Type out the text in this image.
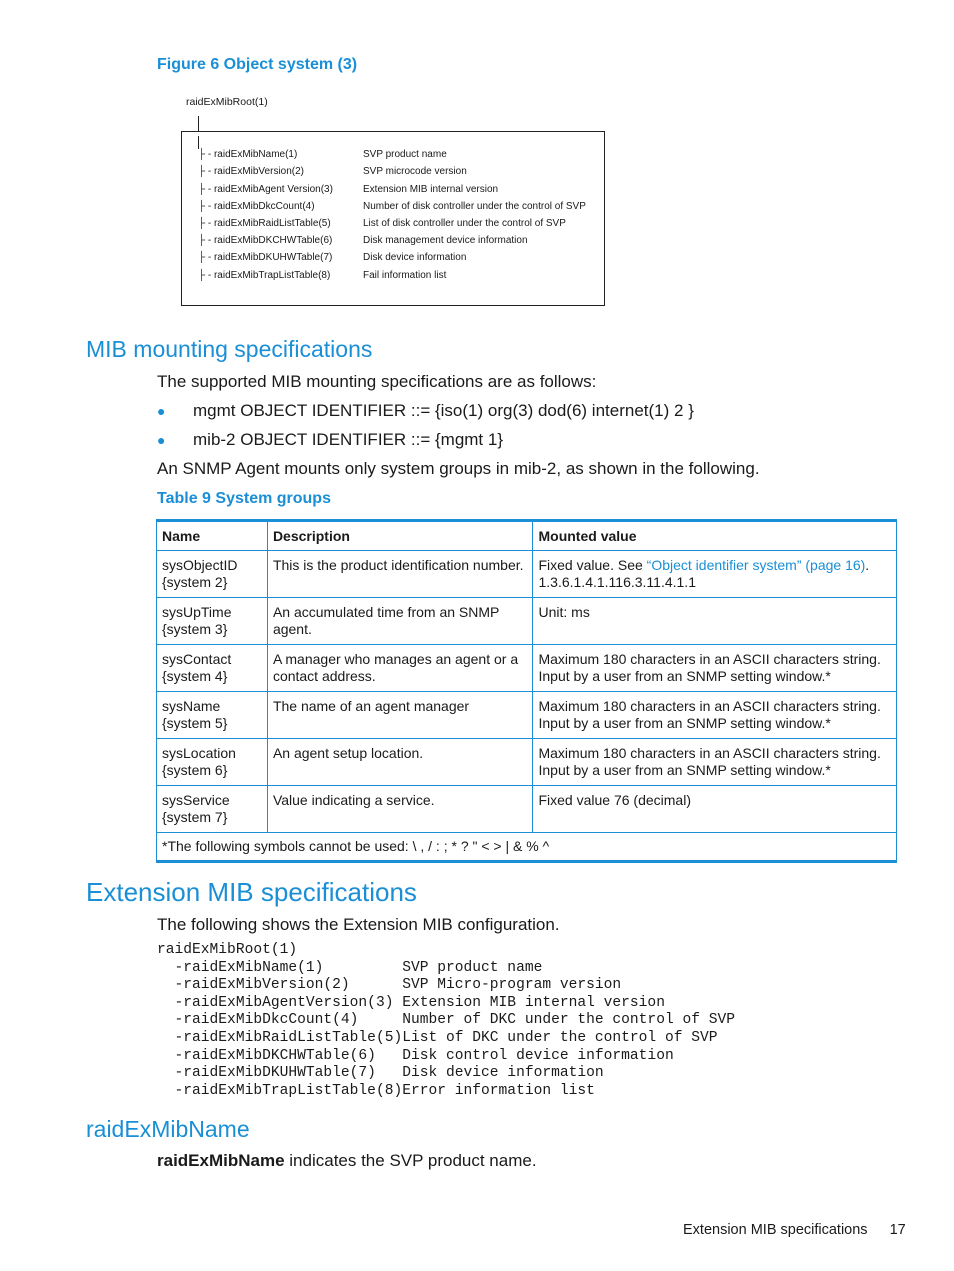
Figure 6 Object system (3)
raidExMibRoot(1)
├ - raidExMibName(1)	SVP product name
├ - raidExMibVersion(2)	SVP microcode version
├ - raidExMibAgent Version(3)	Extension MIB internal version
├ - raidExMibDkcCount(4)	Number of disk controller under the control of SVP
├ - raidExMibRaidListTable(5)	List of disk controller under the control of SVP
├ - raidExMibDKCHWTable(6)	Disk management device information
├ - raidExMibDKUHWTable(7)	Disk device information
├ - raidExMibTrapListTable(8)	Fail information list
MIB mounting specifications
The supported MIB mounting specifications are as follows:
● mgmt OBJECT IDENTIFIER ::= {iso(1) org(3) dod(6) internet(1) 2 }
● mib-2 OBJECT IDENTIFIER ::= {mgmt 1}
An SNMP Agent mounts only system groups in mib-2, as shown in the following.
Table 9 System groups
Name	Description	Mounted value
sysObjectID
{system 2}	This is the product identification number.	Fixed value. See “Object identifier system” (page 16).
1.3.6.1.4.1.116.3.11.4.1.1
sysUpTime
{system 3}	An accumulated time from an SNMP agent.	Unit: ms
sysContact
{system 4}	A manager who manages an agent or a contact address.	Maximum 180 characters in an ASCII characters string. Input by a user from an SNMP setting window.*
sysName
{system 5}	The name of an agent manager	Maximum 180 characters in an ASCII characters string. Input by a user from an SNMP setting window.*
sysLocation
{system 6}	An agent setup location.	Maximum 180 characters in an ASCII characters string. Input by a user from an SNMP setting window.*
sysService
{system 7}	Value indicating a service.	Fixed value 76 (decimal)
*The following symbols cannot be used: \ , / : ; * ? " < > | & % ^		
Extension MIB specifications
The following shows the Extension MIB configuration.
raidExMibRoot(1)
-raidExMibName(1)         SVP product name
-raidExMibVersion(2)      SVP Micro-program version
-raidExMibAgentVersion(3) Extension MIB internal version
-raidExMibDkcCount(4)     Number of DKC under the control of SVP
-raidExMibRaidListTable(5)List of DKC under the control of SVP
-raidExMibDKCHWTable(6)   Disk control device information
-raidExMibDKUHWTable(7)   Disk device information
-raidExMibTrapListTable(8)Error information list
raidExMibName
raidExMibName indicates the SVP product name.
Extension MIB specifications 17
